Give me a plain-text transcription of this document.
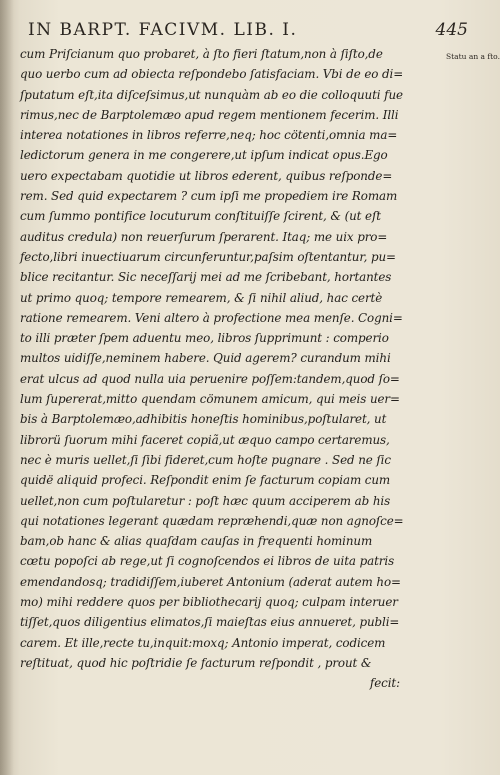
IN BARPT. FACIVM. LIB. I.	445
Statu an a fto.
cum Priſcianum quo probaret, à ſto fieri ſtatum,non à ſiſto,de
quo uerbo cum ad obiecta reſpondebo ſatisfaciam. Vbi de eo di=
ſputatum eſt,ita diſceſsimus,ut nunquàm ab eo die colloquuti fue
rimus,nec de Barptolemæo apud regem mentionem fecerim. Illi
interea notationes in libros referre,neq; hoc cötenti,omnia ma=
ledictorum genera in me congerere,ut ipſum indicat opus.Ego
uero expectabam quotidie ut libros ederent, quibus reſponde=
rem. Sed quid expectarem ? cum ipſi me propediem ire Romam
cum ſummo pontifice locuturum conſtituiſſe ſcirent, & (ut eſt
auditus credula) non reuerſurum ſperarent. Itaq; me uix pro=
fecto,libri inuectiuarum circunferuntur,paſsim oſtentantur, pu=
blice recitantur. Sic neceſſarij mei ad me ſcribebant, hortantes
ut primo quoq; tempore remearem, & ſi nihil aliud, hac certè
ratione remearem. Veni altero à profectione mea menſe. Cogni=
to illi præter ſpem aduentu meo, libros ſupprimunt : comperio
multos uidiſſe,neminem habere. Quid agerem? curandum mihi
erat ulcus ad quod nulla uia peruenire poſſem:tandem,quod ſo=
lum ſupererat,mitto quendam cömunem amicum, qui meis uer=
bis à Barptolemæo,adhibitis honeſtis hominibus,poſtularet, ut
librorü ſuorum mihi faceret copiã,ut æquo campo certaremus,
nec è muris uellet,ſi ſibi fideret,cum hoſte pugnare . Sed ne ſic
quidë aliquid profeci. Reſpondit enim ſe facturum copiam cum
uellet,non cum poſtularetur : poſt hæc quum acciperem ab his
qui notationes legerant quædam repræhendi,quæ non agnoſce=
bam,ob hanc & alias quaſdam cauſas in frequenti hominum
cœtu popoſci ab rege,ut ſi cognoſcendos ei libros de uita patris
emendandosq; tradidiſſem,iuberet Antonium (aderat autem ho=
mo) mihi reddere quos per bibliothecarij quoq; culpam interuer
tiſſet,quos diligentius elimatos,ſi maieſtas eius annueret, publi=
carem. Et ille,recte tu,inquit:moxq; Antonio imperat, codicem
reſtituat, quod hic poſtridie ſe facturum reſpondit , prout &
fecit:
